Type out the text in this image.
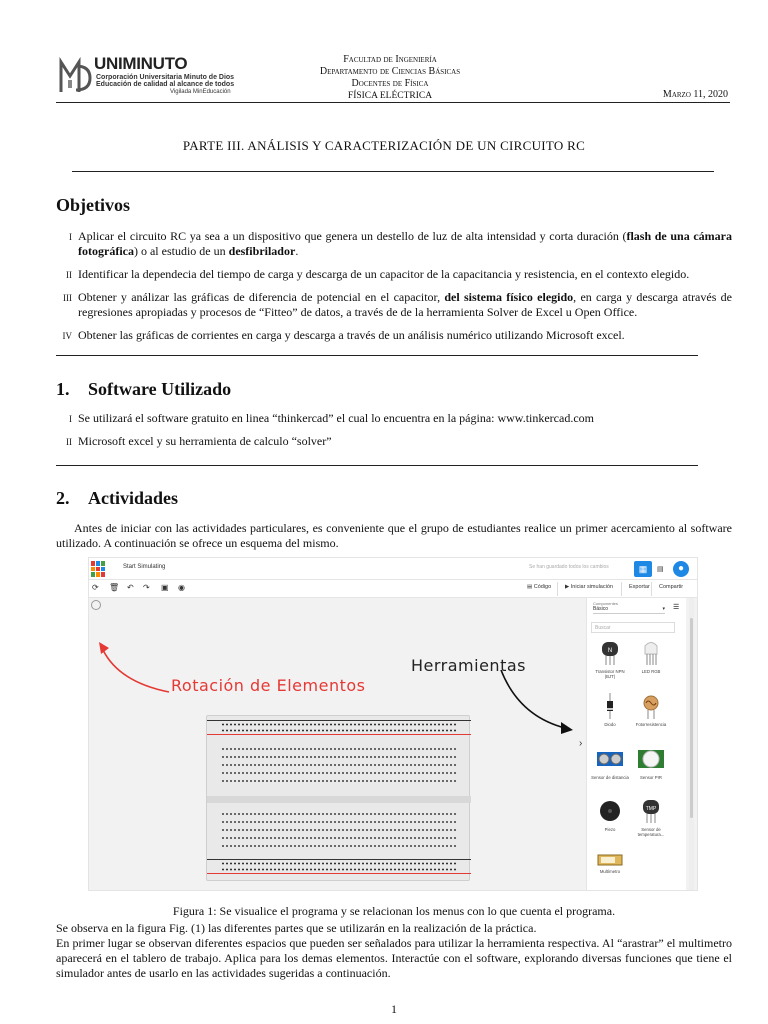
UNIMINUTO
Corporación Universitaria Minuto de Dios
Educación de calidad al alcance de todos
Vigilada MinEducación
Facultad de Ingeniería
Departamento de Ciencias Básicas
Docentes de Física
FÍSICA ELÉCTRICA	Marzo 11, 2020
PARTE III. ANÁLISIS Y CARACTERIZACIÓN DE UN CIRCUITO RC
Objetivos
I Aplicar el circuito RC ya sea a un dispositivo que genera un destello de luz de alta intensidad y corta duración (flash de una cámara fotográfica) o al estudio de un desfibrilador.
II Identificar la dependecia del tiempo de carga y descarga de un capacitor de la capacitancia y resistencia, en el contexto elegido.
III Obtener y análizar las gráficas de diferencia de potencial en el capacitor, del sistema físico elegido, en carga y descarga através de regresiones apropiadas y procesos de “Fitteo” de datos, a través de de la herramienta Solver de Excel u Open Office.
IV Obtener las gráficas de corrientes en carga y descarga a través de un análisis numérico utilizando Microsoft excel.
1. Software Utilizado
I Se utilizará el software gratuito en linea “thinkercad” el cual lo encuentra en la página: www.tinkercad.com
II Microsoft excel y su herramienta de calculo “solver”
2. Actividades
Antes de iniciar con las actividades particulares, es conveniente que el grupo de estudiantes realice un primer acercamiento al software utilizado. A continuación se ofrece un esquema del mismo.
Start Simulating	Se han guardado todos los cambios	▦	▤	●
⟳ 🗑 ↶ ↷ ▣ ◉	▤ Código	▶ Iniciar simulación	Exportar Compartir
Rotación de Elementos
Herramientas
›
Componentes
Básico ▾	☰
Buscar
N
Transistor NPN (BJT)
LED RGB
Diodo	Fotorresistencia
Sensor de distancia	Sensor PIR
Piezo
TMP
Sensor de temperatura...
Multímetro
Figura 1: Se visualice el programa y se relacionan los menus con lo que cuenta el programa.
Se observa en la figura Fig. (1) las diferentes partes que se utilizarán en la realización de la práctica.
En primer lugar se observan diferentes espacios que pueden ser señalados para utilizar la herramienta respectiva. Al “arastrar” el multimetro aparecerá en el tablero de trabajo. Aplica para los demas elementos. Interactúe con el software, explorando diversas funciones que tiene el simulador antes de usarlo en las actividades sugeridas a continuación.
1
